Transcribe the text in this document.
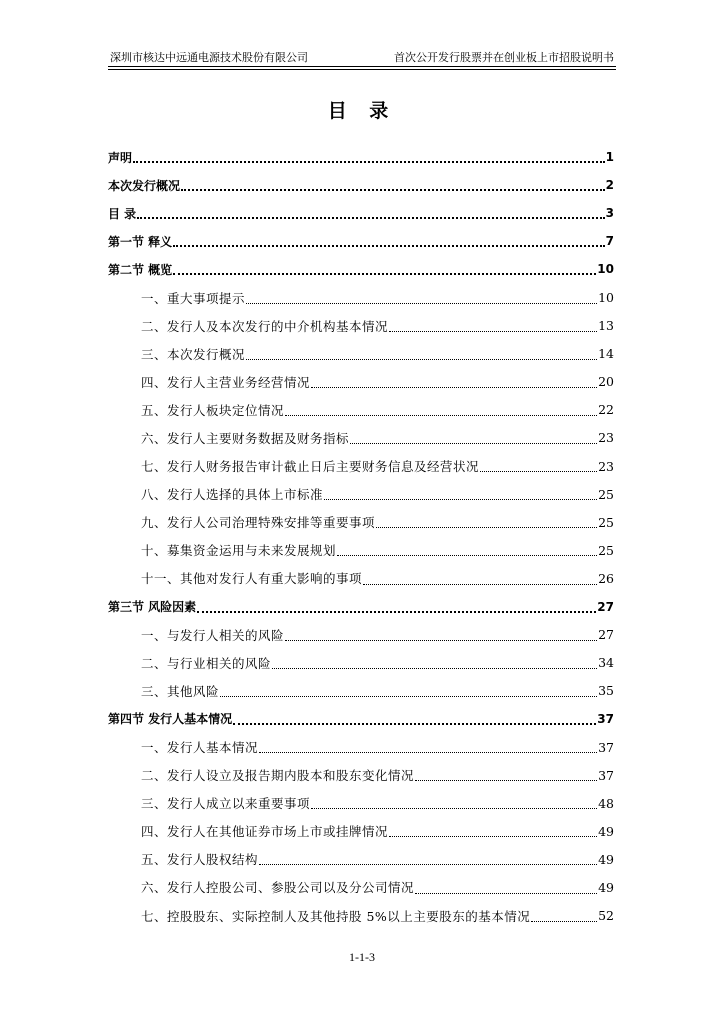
深圳市核达中远通电源技术股份有限公司	首次公开发行股票并在创业板上市招股说明书
目 录
声明	1
本次发行概况	2
目 录	3
第一节 释义	7
第二节 概览	10
一、重大事项提示	10
二、发行人及本次发行的中介机构基本情况	13
三、本次发行概况	14
四、发行人主营业务经营情况	20
五、发行人板块定位情况	22
六、发行人主要财务数据及财务指标	23
七、发行人财务报告审计截止日后主要财务信息及经营状况	23
八、发行人选择的具体上市标准	25
九、发行人公司治理特殊安排等重要事项	25
十、募集资金运用与未来发展规划	25
十一、其他对发行人有重大影响的事项	26
第三节 风险因素	27
一、与发行人相关的风险	27
二、与行业相关的风险	34
三、其他风险	35
第四节 发行人基本情况	37
一、发行人基本情况	37
二、发行人设立及报告期内股本和股东变化情况	37
三、发行人成立以来重要事项	48
四、发行人在其他证券市场上市或挂牌情况	49
五、发行人股权结构	49
六、发行人控股公司、参股公司以及分公司情况	49
七、控股股东、实际控制人及其他持股 5%以上主要股东的基本情况	52
1-1-3
